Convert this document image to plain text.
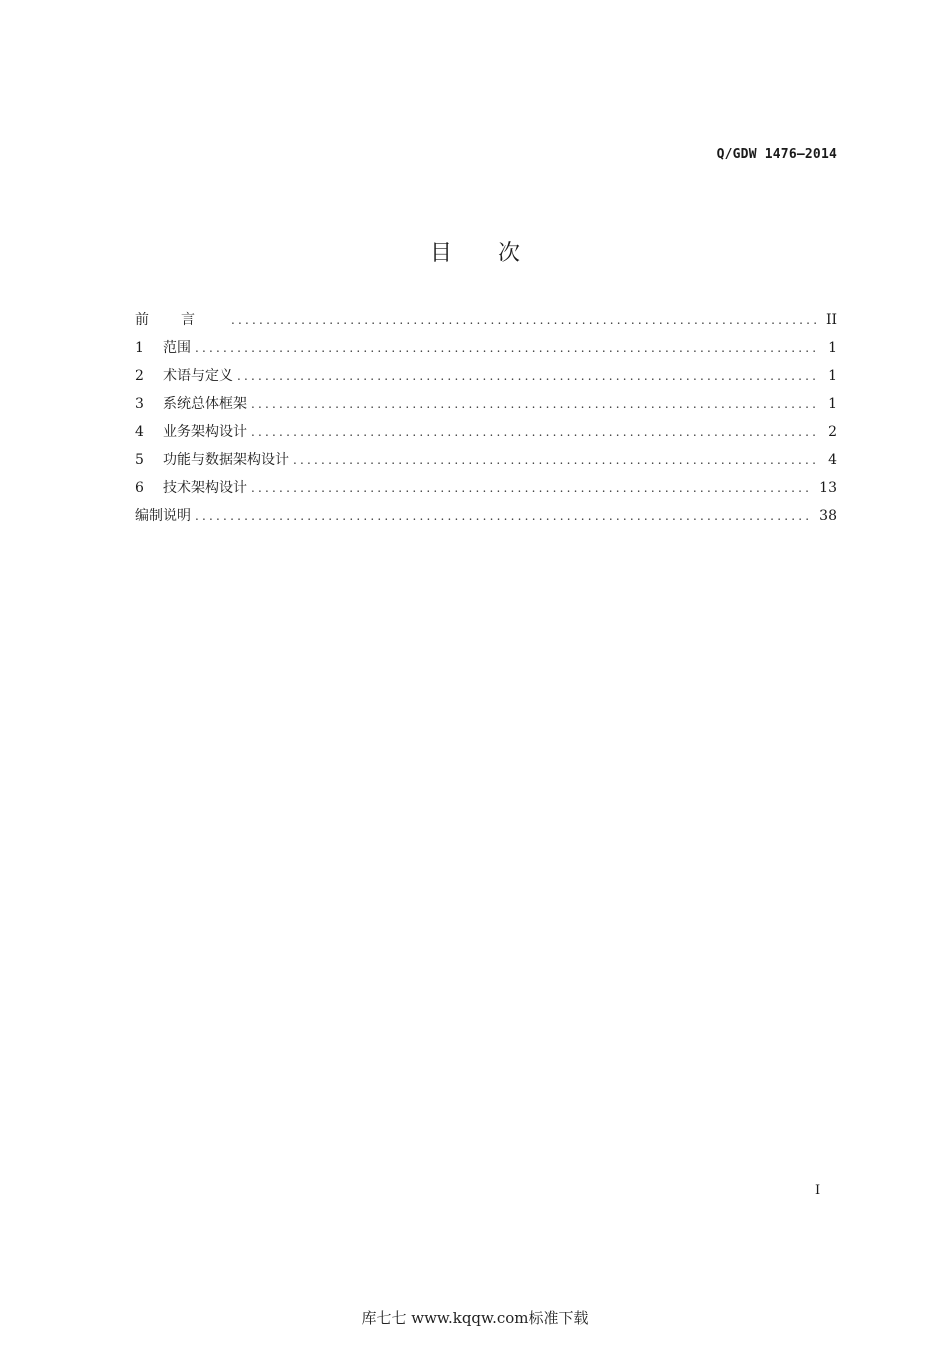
Q/GDW 1476—2014
目次
前言 .....	II
1	范围 .....	1
2	术语与定义 .....	1
3	系统总体框架 .....	1
4	业务架构设计 .....	2
5	功能与数据架构设计 .....	4
6	技术架构设计 .....	13
编制说明 .....	38
I
库七七 www.kqqw.com标准下载
